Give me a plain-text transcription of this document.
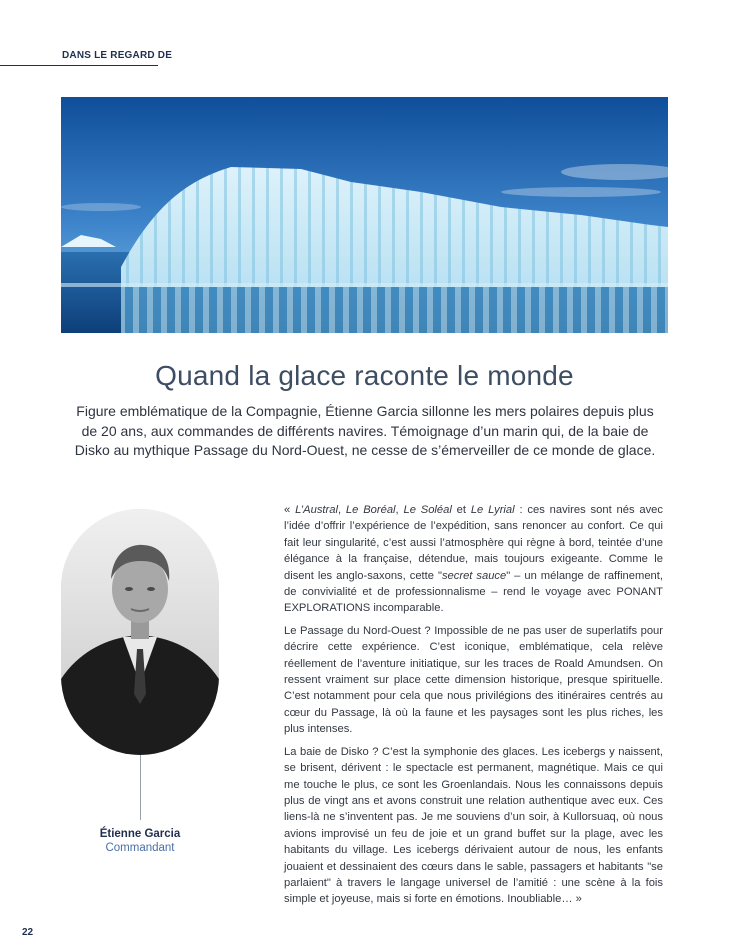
DANS LE REGARD DE
Quand la glace raconte le monde
Figure emblématique de la Compagnie, Étienne Garcia sillonne les mers polaires depuis plus de 20 ans, aux commandes de différents navires. Témoignage d’un marin qui, de la baie de Disko au mythique Passage du Nord-Ouest, ne cesse de s’émerveiller de ce monde de glace.
Étienne Garcia
Commandant

« L’Austral, Le Boréal, Le Soléal et Le Lyrial : ces navires sont nés avec l’idée d’offrir l’expérience de l’expédition, sans renoncer au confort. Ce qui fait leur singularité, c’est aussi l’atmosphère qui règne à bord, teintée d’une élégance à la française, détendue, mais toujours exigeante. Comme le disent les anglo-saxons, cette "secret sauce" – un mélange de raffinement, de convivialité et de professionnalisme – rend le voyage avec PONANT EXPLORATIONS incomparable.

Le Passage du Nord-Ouest ? Impossible de ne pas user de superlatifs pour décrire cette expérience. C’est iconique, emblématique, cela relève réellement de l’aventure initiatique, sur les traces de Roald Amundsen. On ressent vraiment sur place cette dimension historique, presque spirituelle. C’est notamment pour cela que nous privilégions des itinéraires centrés au cœur du Passage, là où la faune et les paysages sont les plus riches, les plus intenses.

La baie de Disko ? C’est la symphonie des glaces. Les icebergs y naissent, se brisent, dérivent : le spectacle est permanent, magnétique. Mais ce qui me touche le plus, ce sont les Groenlandais. Nous les connaissons depuis plus de vingt ans et avons construit une relation authentique avec eux. Ces liens-là ne s’inventent pas. Je me souviens d’un soir, à Kullorsuaq, où nous avions improvisé un feu de joie et un grand buffet sur la plage, avec les habitants du village. Les icebergs dérivaient autour de nous, les enfants jouaient et dessinaient des cœurs dans le sable, passagers et habitants "se parlaient" à travers le langage universel de l’amitié : une scène à la fois simple et joyeuse, mais si forte en émotions. Inoubliable… »

22
